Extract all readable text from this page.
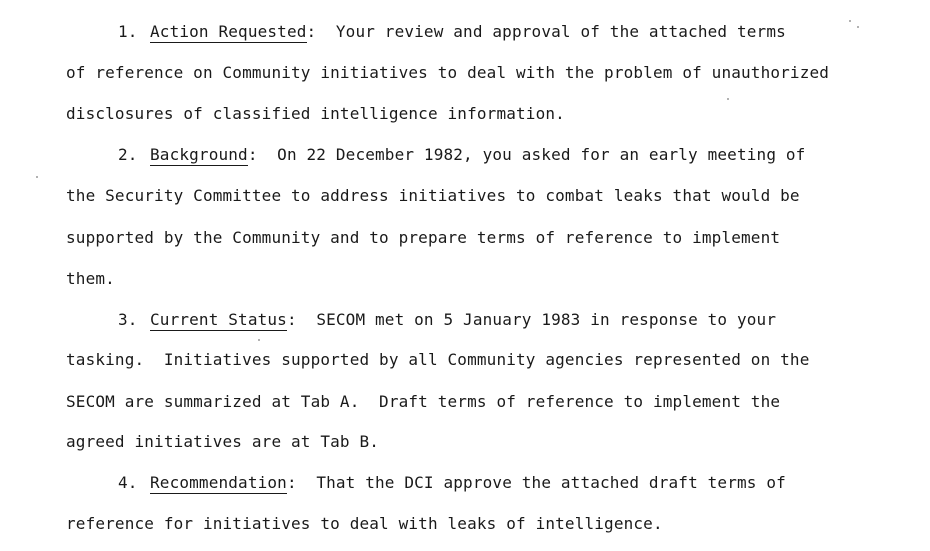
1. Action Requested:  Your review and approval of the attached terms
of reference on Community initiatives to deal with the problem of unauthorized
disclosures of classified intelligence information.
2. Background:  On 22 December 1982, you asked for an early meeting of
the Security Committee to address initiatives to combat leaks that would be
supported by the Community and to prepare terms of reference to implement
them.
3. Current Status:  SECOM met on 5 January 1983 in response to your
tasking.  Initiatives supported by all Community agencies represented on the
SECOM are summarized at Tab A.  Draft terms of reference to implement the
agreed initiatives are at Tab B.
4. Recommendation:  That the DCI approve the attached draft terms of
reference for initiatives to deal with leaks of intelligence.
